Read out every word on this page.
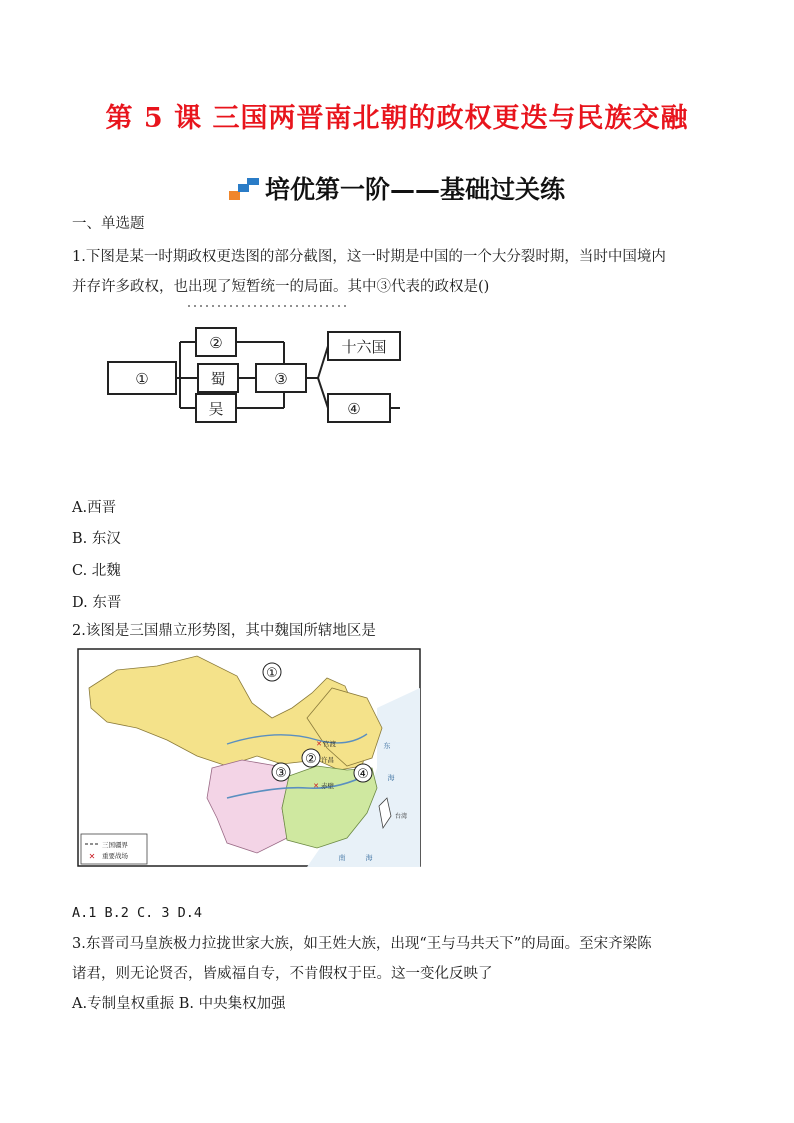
第 5 课 三国两晋南北朝的政权更迭与民族交融
培优第一阶——基础过关练
一、单选题
1.下图是某一时期政权更迭图的部分截图，这一时期是中国的一个大分裂时期，当时中国境内
并存许多政权，也出现了短暂统一的局面。其中③代表的政权是()
①
②
蜀
吴
③
十六国
④
A.西晋
B. 东汉
C. 北魏
D. 东晋
2.该图是三国鼎立形势图，其中魏国所辖地区是
①
②
③	④
官渡
许昌
赤壁
✕
✕
东
海
南	海
台湾
三国疆界
✕ 重要战场
A.1 B.2 C. 3 D.4
3.东晋司马皇族极力拉拢世家大族，如王姓大族，出现“王与马共天下”的局面。至宋齐梁陈
诸君，则无论贤否，皆威福自专，不肯假权于臣。这一变化反映了
A.专制皇权重振 B. 中央集权加强
